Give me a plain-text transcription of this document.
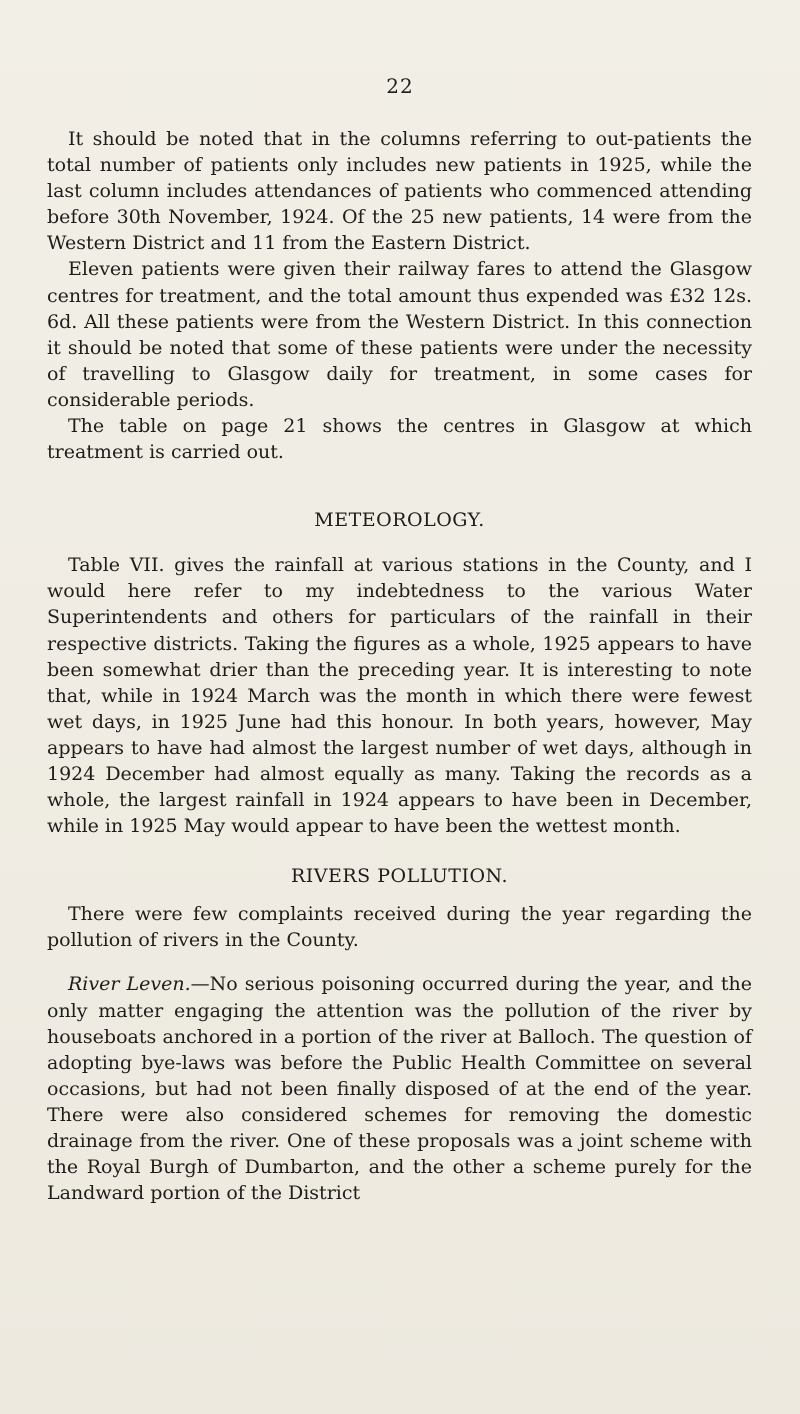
22

It should be noted that in the columns referring to out-patients the total number of patients only includes new patients in 1925, while the last column includes attendances of patients who commenced attending before 30th November, 1924. Of the 25 new patients, 14 were from the Western District and 11 from the Eastern District.

Eleven patients were given their railway fares to attend the Glasgow centres for treatment, and the total amount thus expended was £32 12s. 6d. All these patients were from the Western District. In this connection it should be noted that some of these patients were under the necessity of travelling to Glasgow daily for treatment, in some cases for considerable periods.

The table on page 21 shows the centres in Glasgow at which treatment is carried out.

METEOROLOGY.

Table VII. gives the rainfall at various stations in the County, and I would here refer to my indebtedness to the various Water Superintendents and others for particulars of the rainfall in their respective districts. Taking the figures as a whole, 1925 appears to have been somewhat drier than the preceding year. It is interesting to note that, while in 1924 March was the month in which there were fewest wet days, in 1925 June had this honour. In both years, however, May appears to have had almost the largest number of wet days, although in 1924 December had almost equally as many. Taking the records as a whole, the largest rainfall in 1924 appears to have been in December, while in 1925 May would appear to have been the wettest month.

RIVERS POLLUTION.

There were few complaints received during the year regarding the pollution of rivers in the County.

River Leven.—No serious poisoning occurred during the year, and the only matter engaging the attention was the pollution of the river by houseboats anchored in a portion of the river at Balloch. The question of adopting bye-laws was before the Public Health Committee on several occasions, but had not been finally disposed of at the end of the year. There were also considered schemes for removing the domestic drainage from the river. One of these proposals was a joint scheme with the Royal Burgh of Dumbarton, and the other a scheme purely for the Landward portion of the District
